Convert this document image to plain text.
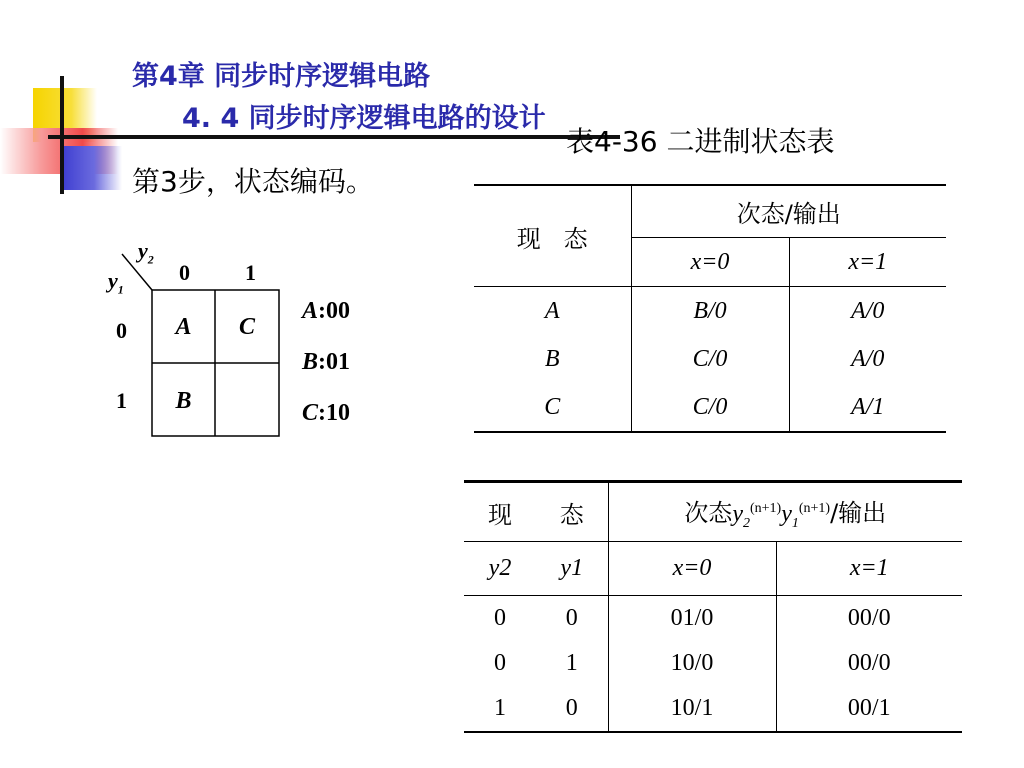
第4章 同步时序逻辑电路
4. 4 同步时序逻辑电路的设计
表4-36 二进制状态表
第3步，状态编码。
$y_2$
$y_1$
0	1
0
1
A	C
B
A:00
B:01
C:10
现   态	次态/输出	
	x=0	x=1
A	B/0	A/0
B	C/0	A/0
C	C/0	A/1
现	态	次态$y_2^{(n+1)}y_1^{(n+1)}/$输出	
y2	y1	x=0	x=1
0	0	01/0	00/0
0	1	10/0	00/0
1	0	10/1	00/1
